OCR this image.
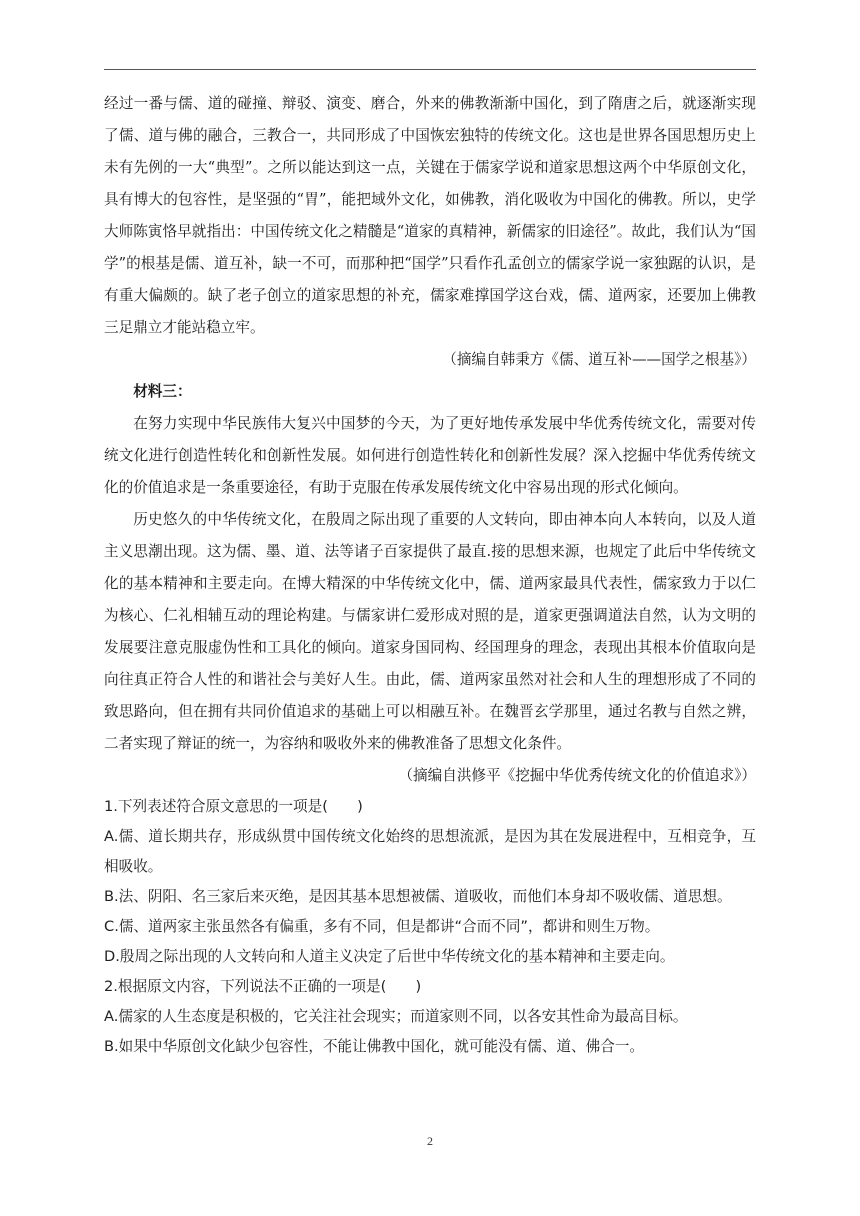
经过一番与儒、道的碰撞、辩驳、演变、磨合，外来的佛教渐渐中国化，到了隋唐之后，就逐渐实现了儒、道与佛的融合，三教合一，共同形成了中国恢宏独特的传统文化。这也是世界各国思想历史上未有先例的一大“典型”。之所以能达到这一点，关键在于儒家学说和道家思想这两个中华原创文化，具有博大的包容性，是坚强的“胃”，能把域外文化，如佛教，消化吸收为中国化的佛教。所以，史学大师陈寅恪早就指出：中国传统文化之精髓是“道家的真精神，新儒家的旧途径”。故此，我们认为“国学”的根基是儒、道互补，缺一不可，而那种把“国学”只看作孔孟创立的儒家学说一家独踞的认识，是有重大偏颇的。缺了老子创立的道家思想的补充，儒家难撑国学这台戏，儒、道两家，还要加上佛教三足鼎立才能站稳立牢。

（摘编自韩秉方《儒、道互补——国学之根基》）

材料三：

在努力实现中华民族伟大复兴中国梦的今天，为了更好地传承发展中华优秀传统文化，需要对传统文化进行创造性转化和创新性发展。如何进行创造性转化和创新性发展？深入挖掘中华优秀传统文化的价值追求是一条重要途径，有助于克服在传承发展传统文化中容易出现的形式化倾向。

历史悠久的中华传统文化，在殷周之际出现了重要的人文转向，即由神本向人本转向，以及人道主义思潮出现。这为儒、墨、道、法等诸子百家提供了最直.接的思想来源，也规定了此后中华传统文化的基本精神和主要走向。在博大精深的中华传统文化中，儒、道两家最具代表性，儒家致力于以仁为核心、仁礼相辅互动的理论构建。与儒家讲仁爱形成对照的是，道家更强调道法自然，认为文明的发展要注意克服虚伪性和工具化的倾向。道家身国同构、经国理身的理念，表现出其根本价值取向是向往真正符合人性的和谐社会与美好人生。由此，儒、道两家虽然对社会和人生的理想形成了不同的致思路向，但在拥有共同价值追求的基础上可以相融互补。在魏晋玄学那里，通过名教与自然之辨，二者实现了辩证的统一，为容纳和吸收外来的佛教准备了思想文化条件。

（摘编自洪修平《挖掘中华优秀传统文化的价值追求》）

1.下列表述符合原文意思的一项是(　　)

A.儒、道长期共存，形成纵贯中国传统文化始终的思想流派，是因为其在发展进程中，互相竞争，互相吸收。

B.法、阴阳、名三家后来灭绝，是因其基本思想被儒、道吸收，而他们本身却不吸收儒、道思想。

C.儒、道两家主张虽然各有偏重，多有不同，但是都讲“合而不同”，都讲和则生万物。

D.殷周之际出现的人文转向和人道主义决定了后世中华传统文化的基本精神和主要走向。

2.根据原文内容，下列说法不正确的一项是(　　)

A.儒家的人生态度是积极的，它关注社会现实；而道家则不同，以各安其性命为最高目标。

B.如果中华原创文化缺少包容性，不能让佛教中国化，就可能没有儒、道、佛合一。

2
